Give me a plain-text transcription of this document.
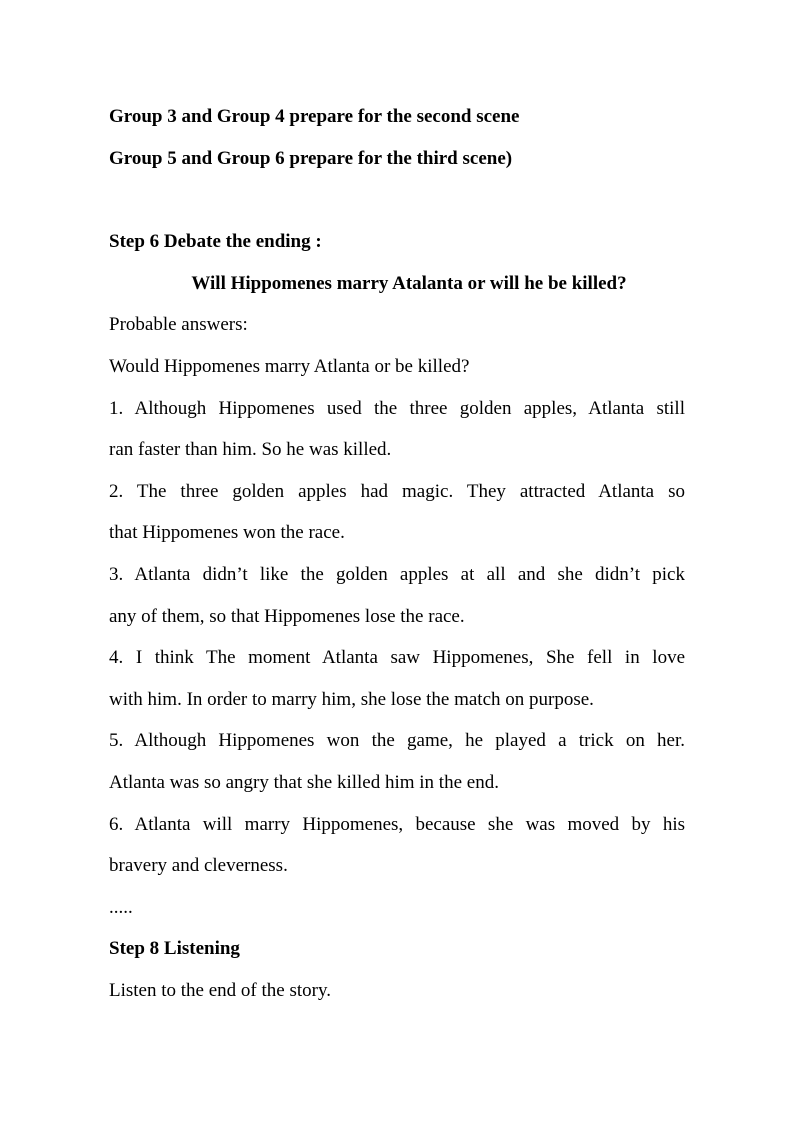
Group 3 and Group 4 prepare for the second scene

Group 5 and Group 6 prepare for the third scene)

Step 6 Debate the ending :

Will Hippomenes marry Atalanta or will he be killed?

Probable answers:

Would Hippomenes marry Atlanta or be killed?

1. Although Hippomenes used the three golden apples, Atlanta still

ran faster than him. So he was killed.

2. The three golden apples had magic. They attracted Atlanta so

that Hippomenes won the race.

3. Atlanta didn’t like the golden apples at all and she didn’t pick

any of them, so that Hippomenes lose the race.

4. I think The moment Atlanta saw Hippomenes, She fell in love

with him. In order to marry him, she lose the match on purpose.

5. Although Hippomenes won the game, he played a trick on her.

Atlanta was so angry that she killed him in the end.

6. Atlanta will marry Hippomenes, because she was moved by his

bravery and cleverness.

.....

Step 8 Listening

Listen to the end of the story.
